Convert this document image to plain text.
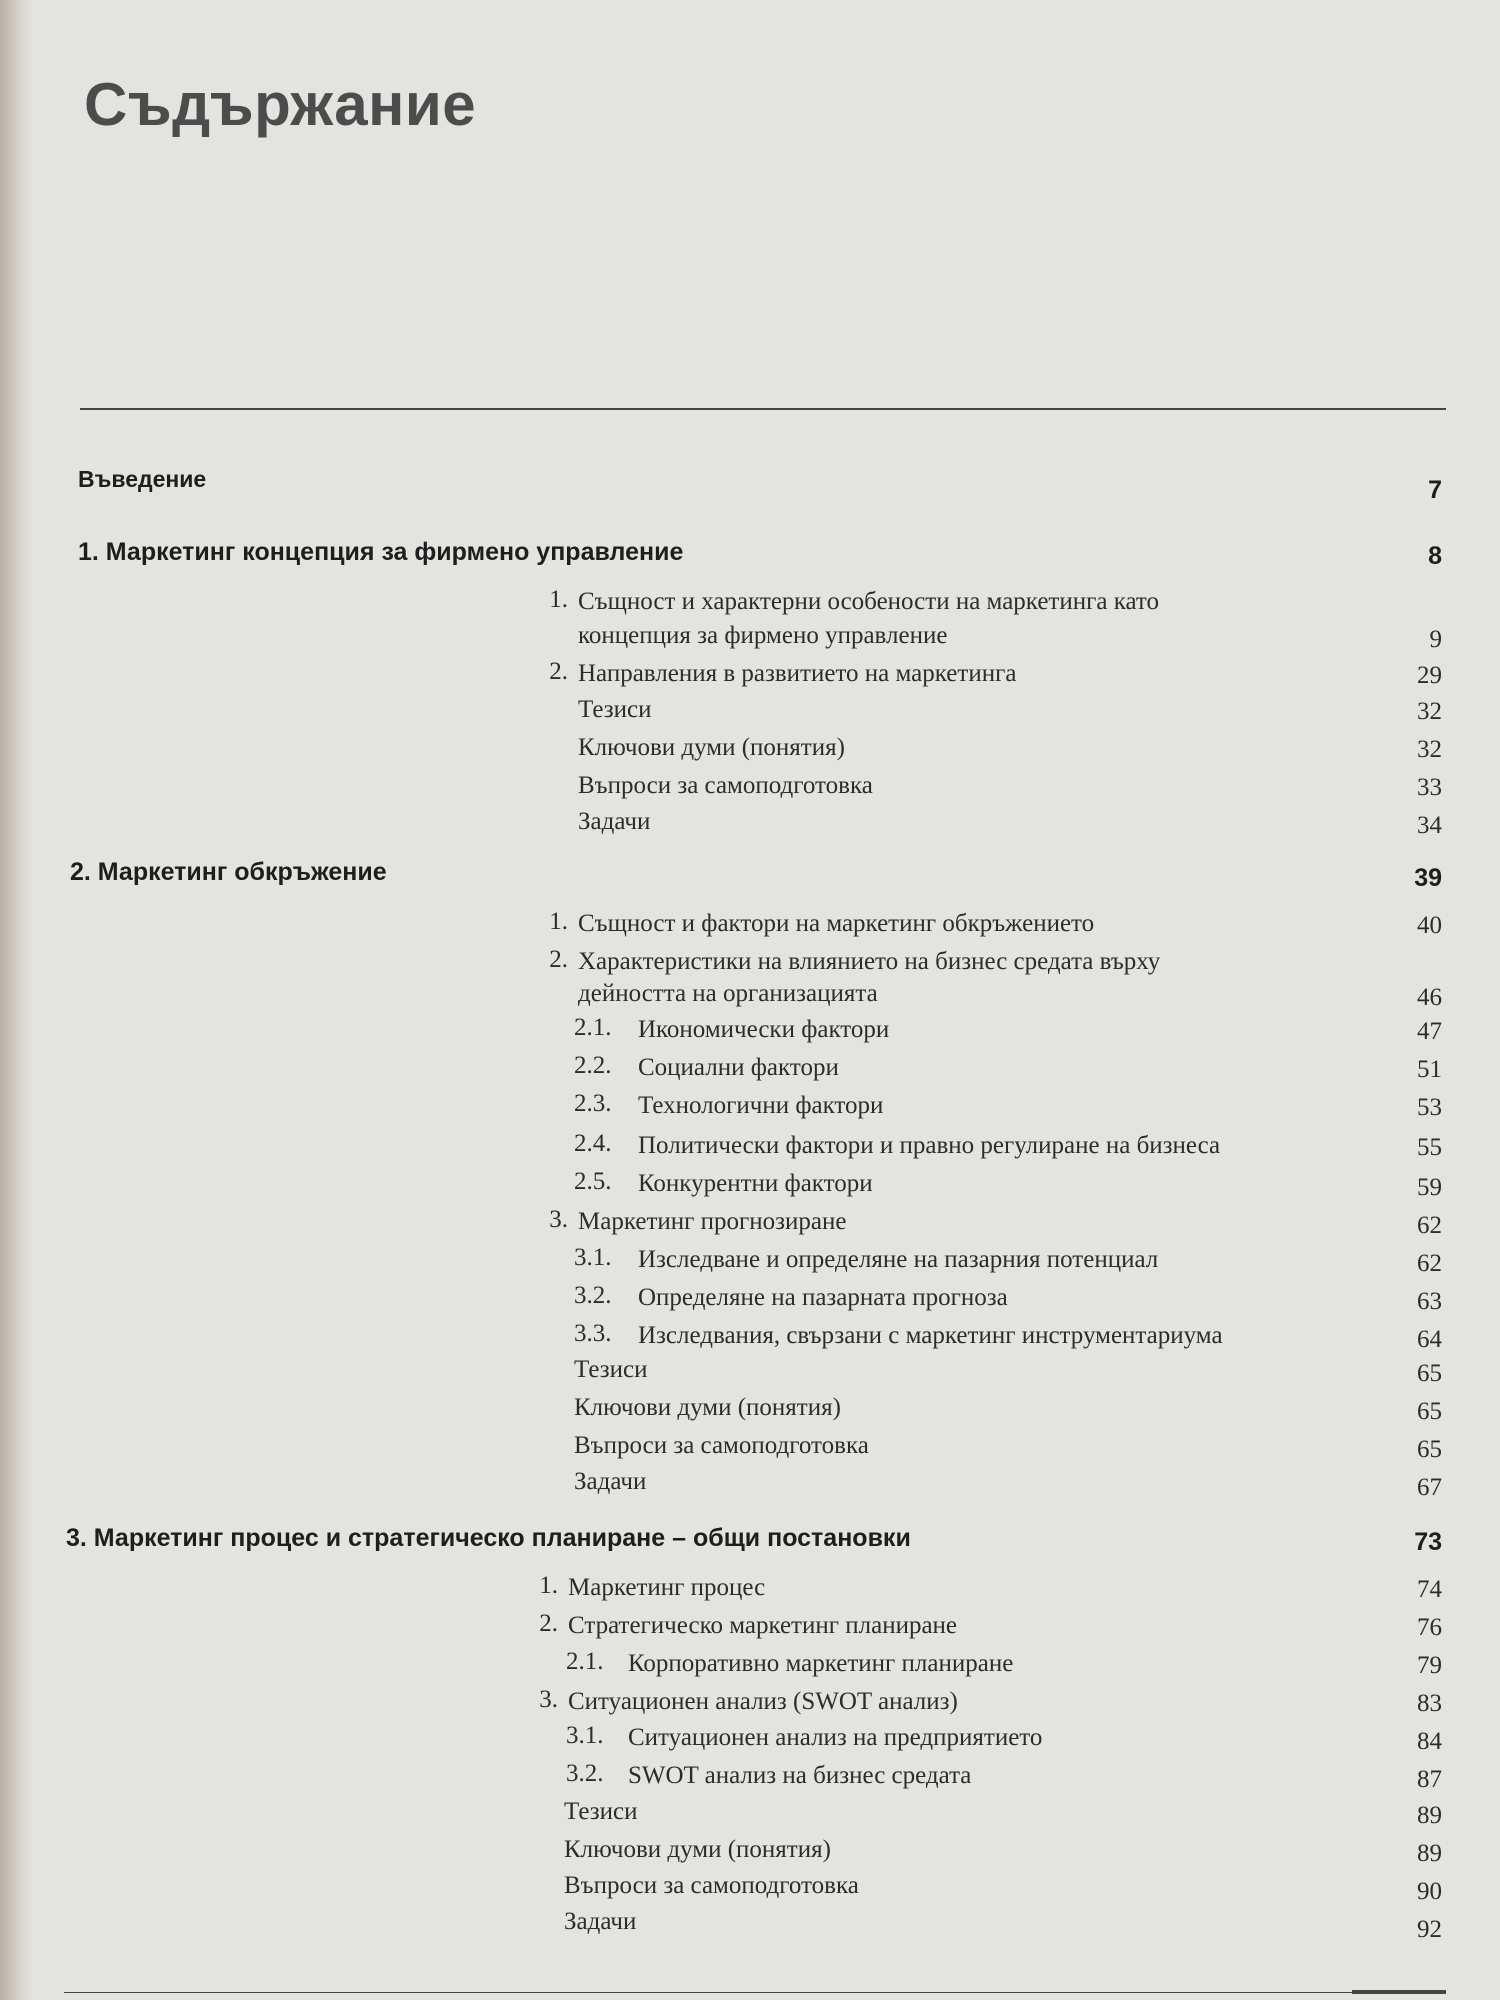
Съдържание
Въведение	7
1. Маркетинг концепция за фирмено управление	8
1. Същност и характерни особености на маркетинга като
концепция за фирмено управление	9
2. Направления в развитието на маркетинга	29
Тезиси	32
Ключови думи (понятия)	32
Въпроси за самоподготовка	33
Задачи	34
2. Маркетинг обкръжение	39
1. Същност и фактори на маркетинг обкръжението	40
2. Характеристики на влиянието на бизнес средата върху
дейността на организацията	46
2.1. Икономически фактори	47
2.2. Социални фактори	51
2.3. Технологични фактори	53
2.4. Политически фактори и правно регулиране на бизнеса	55
2.5. Конкурентни фактори	59
3. Маркетинг прогнозиране	62
3.1. Изследване и определяне на пазарния потенциал	62
3.2. Определяне на пазарната прогноза	63
3.3. Изследвания, свързани с маркетинг инструментариума	64
Тезиси	65
Ключови думи (понятия)	65
Въпроси за самоподготовка	65
Задачи	67
3. Маркетинг процес и стратегическо планиране – общи постановки	73
1. Маркетинг процес	74
2. Стратегическо маркетинг планиране	76
2.1. Корпоративно маркетинг планиране	79
3. Ситуационен анализ (SWOT анализ)	83
3.1. Ситуационен анализ на предприятието	84
3.2. SWOT анализ на бизнес средата	87
Тезиси	89
Ключови думи (понятия)	89
Въпроси за самоподготовка	90
Задачи	92
